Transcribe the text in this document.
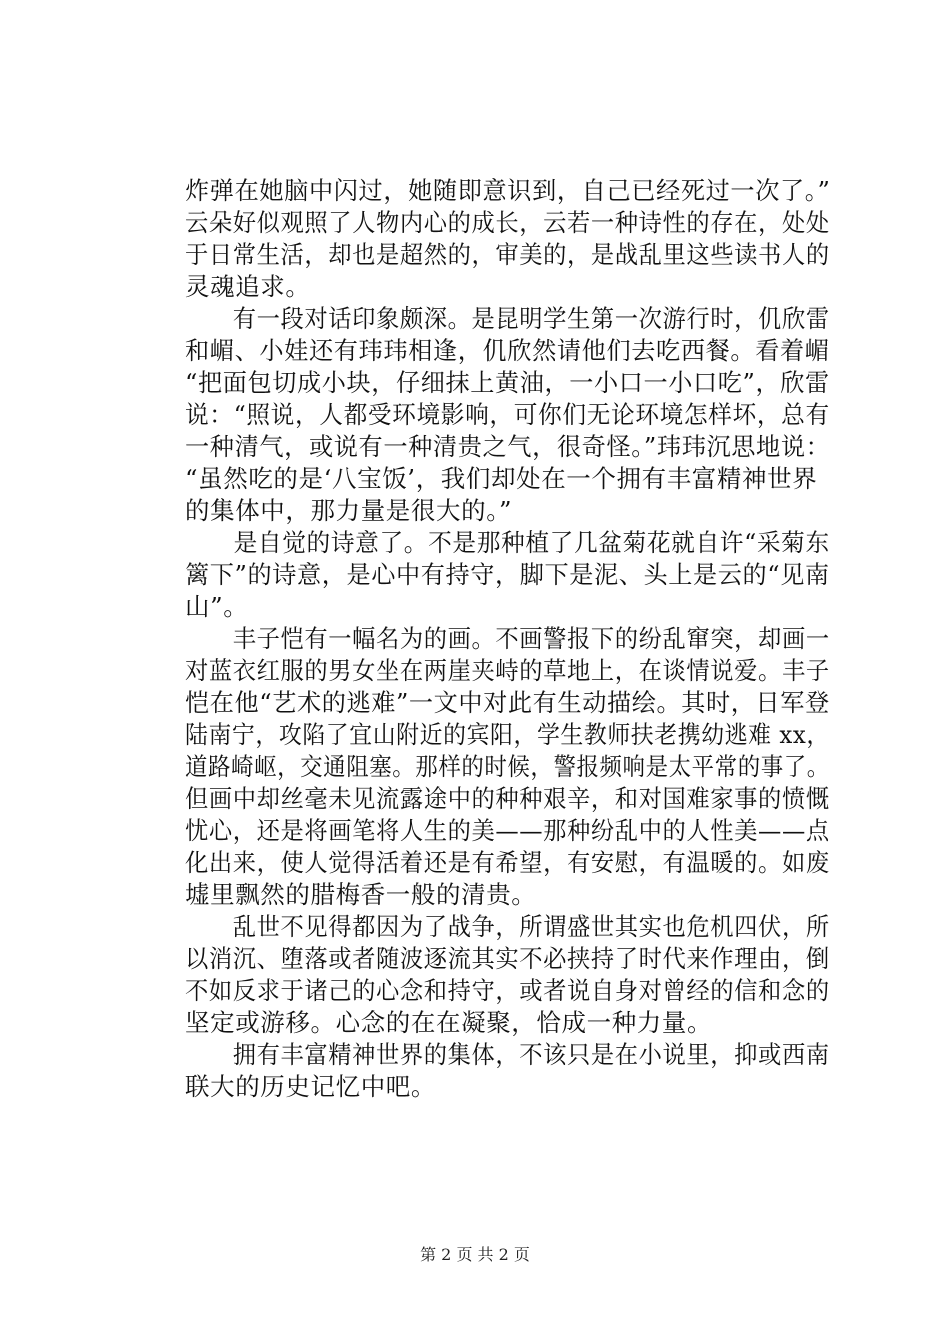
炸弹在她脑中闪过，她随即意识到，自己已经死过一次了。”
云朵好似观照了人物内心的成长，云若一种诗性的存在，处处
于日常生活，却也是超然的，审美的，是战乱里这些读书人的
灵魂追求。
　　有一段对话印象颇深。是昆明学生第一次游行时，仉欣雷
和嵋、小娃还有玮玮相逢，仉欣然请他们去吃西餐。看着嵋
“把面包切成小块，仔细抹上黄油，一小口一小口吃”，欣雷
说：“照说，人都受环境影响，可你们无论环境怎样坏，总有
一种清气，或说有一种清贵之气，很奇怪。”玮玮沉思地说：
“虽然吃的是‘八宝饭’，我们却处在一个拥有丰富精神世界
的集体中，那力量是很大的。”
　　是自觉的诗意了。不是那种植了几盆菊花就自许“采菊东
篱下”的诗意，是心中有持守，脚下是泥、头上是云的“见南
山”。
　　丰子恺有一幅名为的画。不画警报下的纷乱窜突，却画一
对蓝衣红服的男女坐在两崖夹峙的草地上，在谈情说爱。丰子
恺在他“艺术的逃难”一文中对此有生动描绘。其时，日军登
陆南宁，攻陷了宜山附近的宾阳，学生教师扶老携幼逃难 xx，
道路崎岖，交通阻塞。那样的时候，警报频响是太平常的事了。
但画中却丝毫未见流露途中的种种艰辛，和对国难家事的愤慨
忧心，还是将画笔将人生的美——那种纷乱中的人性美——点
化出来，使人觉得活着还是有希望，有安慰，有温暖的。如废
墟里飘然的腊梅香一般的清贵。
　　乱世不见得都因为了战争，所谓盛世其实也危机四伏，所
以消沉、堕落或者随波逐流其实不必挟持了时代来作理由，倒
不如反求于诸己的心念和持守，或者说自身对曾经的信和念的
坚定或游移。心念的在在凝聚，恰成一种力量。
　　拥有丰富精神世界的集体，不该只是在小说里，抑或西南
联大的历史记忆中吧。
第 2 页 共 2 页
